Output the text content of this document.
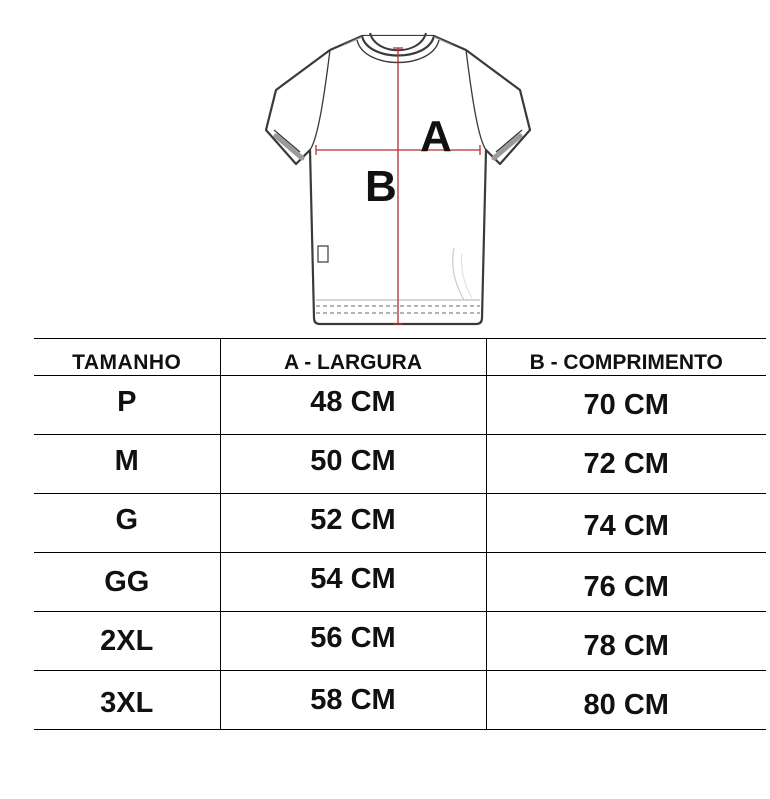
A
B
TAMANHO	A - LARGURA	B - COMPRIMENTO
P	48 CM	70 CM
M	50 CM	72 CM
G	52 CM	74 CM
GG	54 CM	76 CM
2XL	56 CM	78 CM
3XL	58 CM	80 CM
